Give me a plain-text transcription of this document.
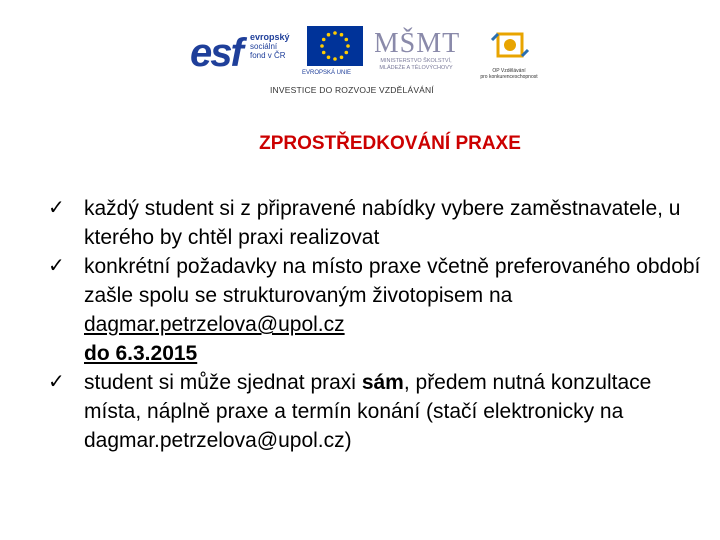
esf evropský
sociální
fond v ČR
EVROPSKÁ UNIE
MŠMT
MINISTERSTVO ŠKOLSTVÍ,
MLÁDEŽE A TĚLOVÝCHOVY	OP Vzdělávání
pro konkurenceschopnost
INVESTICE DO ROZVOJE VZDĚLÁVÁNÍ
ZPROSTŘEDKOVÁNÍ PRAXE
✓ každý student si z připravené nabídky vybere zaměstnavatele, u kterého by chtěl praxi realizovat
✓ konkrétní požadavky na místo praxe včetně preferovaného období zašle spolu se strukturovaným životopisem na dagmar.petrzelova@upol.cz
do 6.3.2015
✓ student si může sjednat praxi sám, předem nutná konzultace místa, náplně praxe a termín konání (stačí elektronicky na dagmar.petrzelova@upol.cz)
